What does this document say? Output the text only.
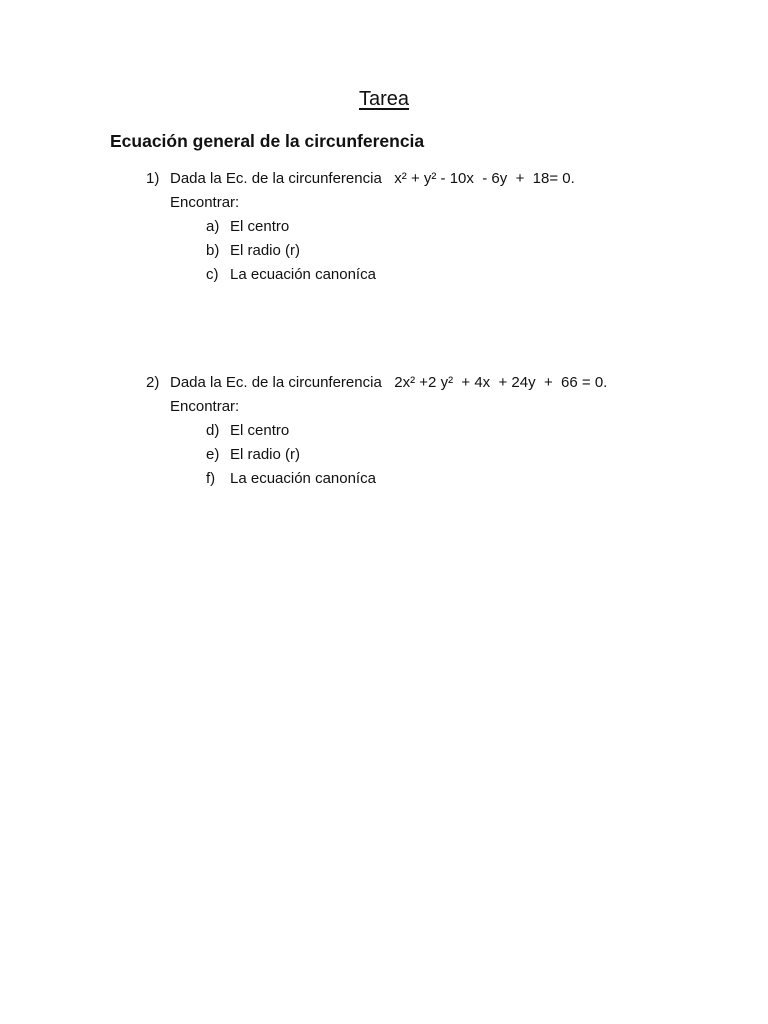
Tarea
Ecuación general de la circunferencia
1) Dada la Ec. de la circunferencia x² + y² - 10x  - 6y  +  18= 0.
Encontrar:
a) El centro
b) El radio (r)
c) La ecuación canoníca
2) Dada la Ec. de la circunferencia 2x² +2 y²  + 4x  + 24y  +  66 = 0.
Encontrar:
d) El centro
e) El radio (r)
f) La ecuación canoníca
